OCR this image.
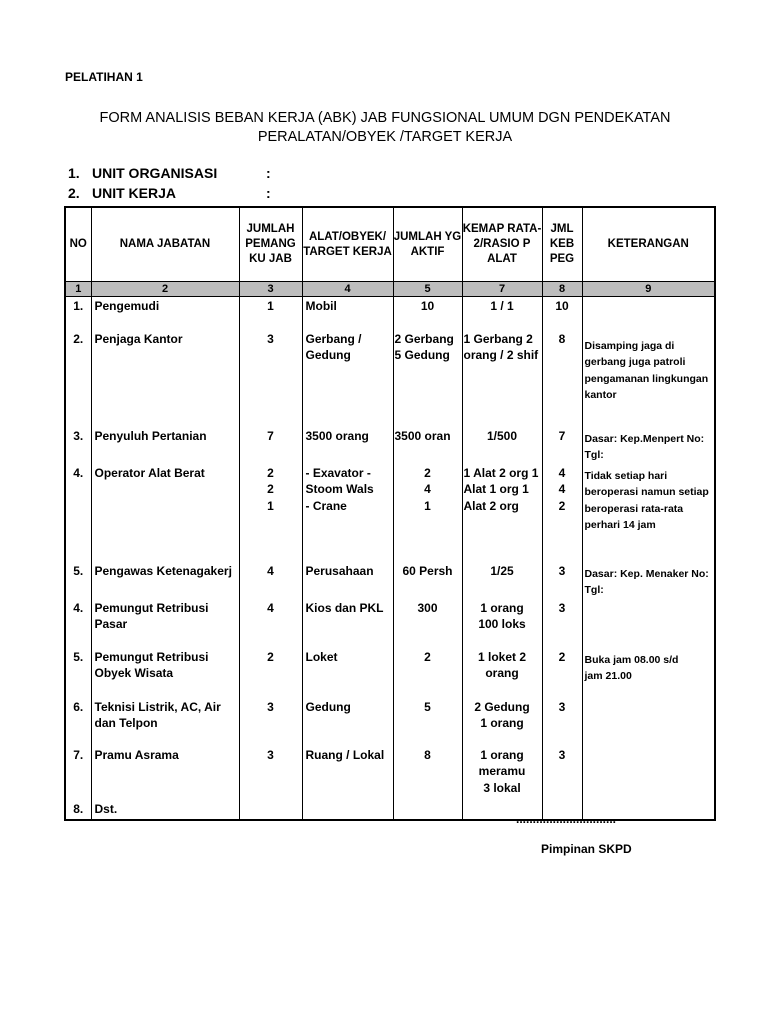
PELATIHAN 1
FORM ANALISIS BEBAN KERJA (ABK) JAB FUNGSIONAL UMUM DGN PENDEKATAN
PERALATAN/OBYEK /TARGET KERJA
1. UNIT ORGANISASI	:
2. UNIT KERJA	:
NO	NAMA JABATAN	JUMLAH PEMANG KU JAB	ALAT/OBYEK/ TARGET KERJA	JUMLAH YG AKTIF	KEMAP RATA-2/RASIO P ALAT	JML KEB PEG	KETERANGAN
1	2	3	4	5	7	8	9
1.	Pengemudi	1	Mobil	10	1 / 1	10	
2.	Penjaga Kantor	3	Gerbang / Gedung	2 Gerbang 5 Gedung	1 Gerbang 2 orang / 2 shif	8	Disamping jaga di gerbang juga patroli pengamanan lingkungan kantor
3.	Penyuluh Pertanian	7	3500 orang	3500 oran	1/500	7	Dasar: Kep.Menpert No: Tgl:
4.	Operator Alat Berat	2 2 1	- Exavator - Stoom Wals - Crane	2 4 1	1 Alat 2 org 1 Alat 1 org 1 Alat 2 org	4 4 2	Tidak setiap hari beroperasi namun setiap beroperasi rata-rata perhari 14 jam
5.	Pengawas Ketenagakerj	4	Perusahaan	60 Persh	1/25	3	Dasar: Kep. Menaker No: Tgl:
4.	Pemungut Retribusi Pasar	4	Kios dan PKL	300	1 orang 100 loks	3	
5.	Pemungut Retribusi Obyek Wisata	2	Loket	2	1 loket 2 orang	2	Buka jam 08.00 s/d jam 21.00
6.	Teknisi Listrik, AC, Air dan Telpon	3	Gedung	5	2 Gedung 1 orang	3	
7.	Pramu Asrama	3	Ruang / Lokal	8	1 orang meramu 3 lokal	3	
8.	Dst.						
..............................
Pimpinan SKPD
